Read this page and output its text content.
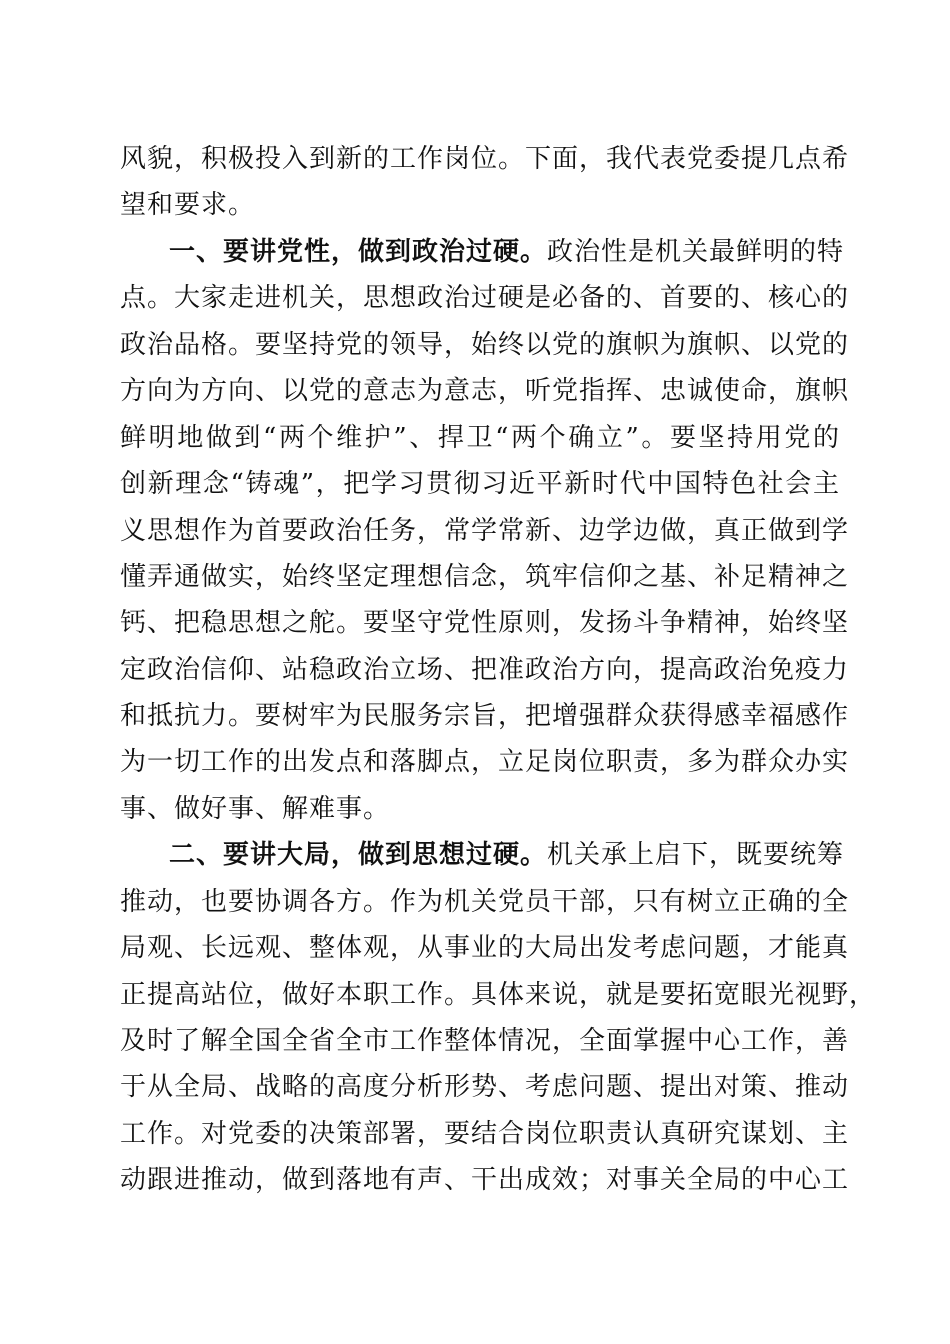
风貌，积极投入到新的工作岗位。下面，我代表党委提几点希
望和要求。
一、要讲党性，做到政治过硬。政治性是机关最鲜明的特
点。大家走进机关，思想政治过硬是必备的、首要的、核心的
政治品格。要坚持党的领导，始终以党的旗帜为旗帜、以党的
方向为方向、以党的意志为意志，听党指挥、忠诚使命，旗帜
鲜明地做到“两个维护”、捍卫“两个确立”。要坚持用党的
创新理念“铸魂”，把学习贯彻习近平新时代中国特色社会主
义思想作为首要政治任务，常学常新、边学边做，真正做到学
懂弄通做实，始终坚定理想信念，筑牢信仰之基、补足精神之
钙、把稳思想之舵。要坚守党性原则，发扬斗争精神，始终坚
定政治信仰、站稳政治立场、把准政治方向，提高政治免疫力
和抵抗力。要树牢为民服务宗旨，把增强群众获得感幸福感作
为一切工作的出发点和落脚点，立足岗位职责，多为群众办实
事、做好事、解难事。
二、要讲大局，做到思想过硬。机关承上启下，既要统筹
推动，也要协调各方。作为机关党员干部，只有树立正确的全
局观、长远观、整体观，从事业的大局出发考虑问题，才能真
正提高站位，做好本职工作。具体来说，就是要拓宽眼光视野，
及时了解全国全省全市工作整体情况，全面掌握中心工作，善
于从全局、战略的高度分析形势、考虑问题、提出对策、推动
工作。对党委的决策部署，要结合岗位职责认真研究谋划、主
动跟进推动，做到落地有声、干出成效；对事关全局的中心工
